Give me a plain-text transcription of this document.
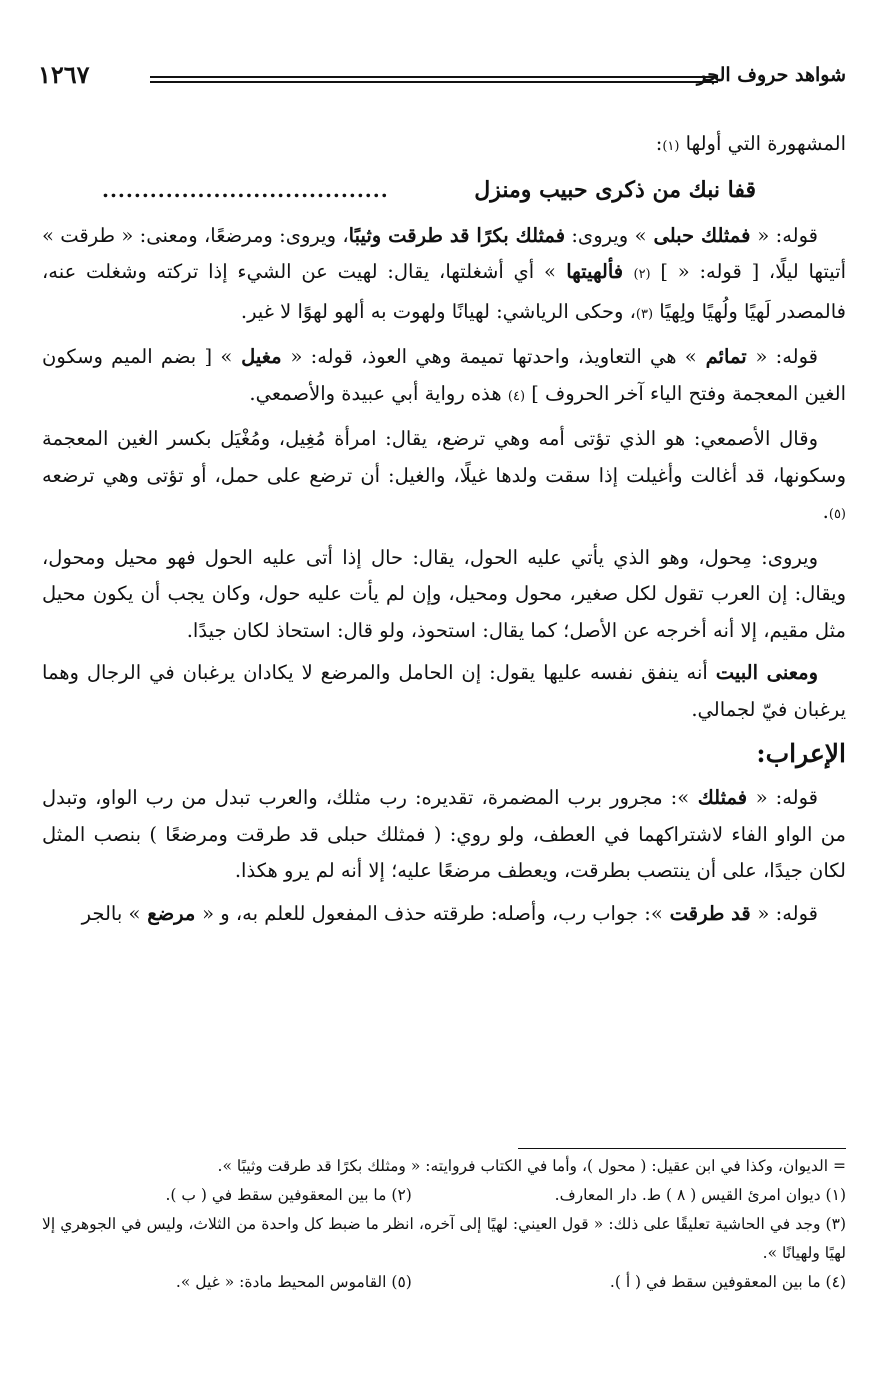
شواهد حروف الجر
١٢٦٧

المشهورة التي أولها (١):

قفا نبك من ذكرى حبيب ومنزل
....................................

قوله: « فمثلك حبلى » ويروى: فمثلك بكرًا قد طرقت وثيبًا، ويروى: ومرضعًا، ومعنى: « طرقت » أتيتها ليلًا، [ قوله: « ] (٢) فألهيتها » أي أشغلتها، يقال: لهيت عن الشيء إذا تركته وشغلت عنه، فالمصدر لَهيًا ولُهيًا ولِهيًا (٣)، وحكى الرياشي: لهيانًا ولهوت به ألهو لهوًا لا غير.

قوله: « تمائم » هي التعاويذ، واحدتها تميمة وهي العوذ، قوله: « مغيل » [ بضم الميم وسكون الغين المعجمة وفتح الياء آخر الحروف ] (٤) هذه رواية أبي عبيدة والأصمعي.

وقال الأصمعي: هو الذي تؤتى أمه وهي ترضع، يقال: امرأة مُغِيل، ومُغْيَل بكسر الغين المعجمة وسكونها، قد أغالت وأغيلت إذا سقت ولدها غيلًا، والغيل: أن ترضع على حمل، أو تؤتى وهي ترضعه (٥).

ويروى: مِحول، وهو الذي يأتي عليه الحول، يقال: حال إذا أتى عليه الحول فهو محيل ومحول، ويقال: إن العرب تقول لكل صغير، محول ومحيل، وإن لم يأت عليه حول، وكان يجب أن يكون محيل مثل مقيم، إلا أنه أخرجه عن الأصل؛ كما يقال: استحوذ، ولو قال: استحاذ لكان جيدًا.

ومعنى البيت أنه ينفق نفسه عليها يقول: إن الحامل والمرضع لا يكادان يرغبان في الرجال وهما يرغبان فيّ لجمالي.

الإعراب:

قوله: « فمثلك »: مجرور برب المضمرة، تقديره: رب مثلك، والعرب تبدل من رب الواو، وتبدل من الواو الفاء لاشتراكهما في العطف، ولو روي: ( فمثلك حبلى قد طرقت ومرضعًا ) بنصب المثل لكان جيدًا، على أن ينتصب بطرقت، ويعطف مرضعًا عليه؛ إلا أنه لم يرو هكذا.

قوله: « قد طرقت »: جواب رب، وأصله: طرقته حذف المفعول للعلم به، و « مرضع » بالجر

= الديوان، وكذا في ابن عقيل: ( محول )، وأما في الكتاب فروايته: « ومثلك بكرًا قد طرقت وثيبًا ».

(١) ديوان امرئ القيس ( ٨ ) ط. دار المعارف.
(٢) ما بين المعقوفين سقط في ( ب ).

(٣) وجد في الحاشية تعليقًا على ذلك: « قول العيني: لهيًا إلى آخره، انظر ما ضبط كل واحدة من الثلاث، وليس في الجوهري إلا لهيًا ولهيانًا ».

(٤) ما بين المعقوفين سقط في ( أ ).
(٥) القاموس المحيط مادة: « غيل ».
